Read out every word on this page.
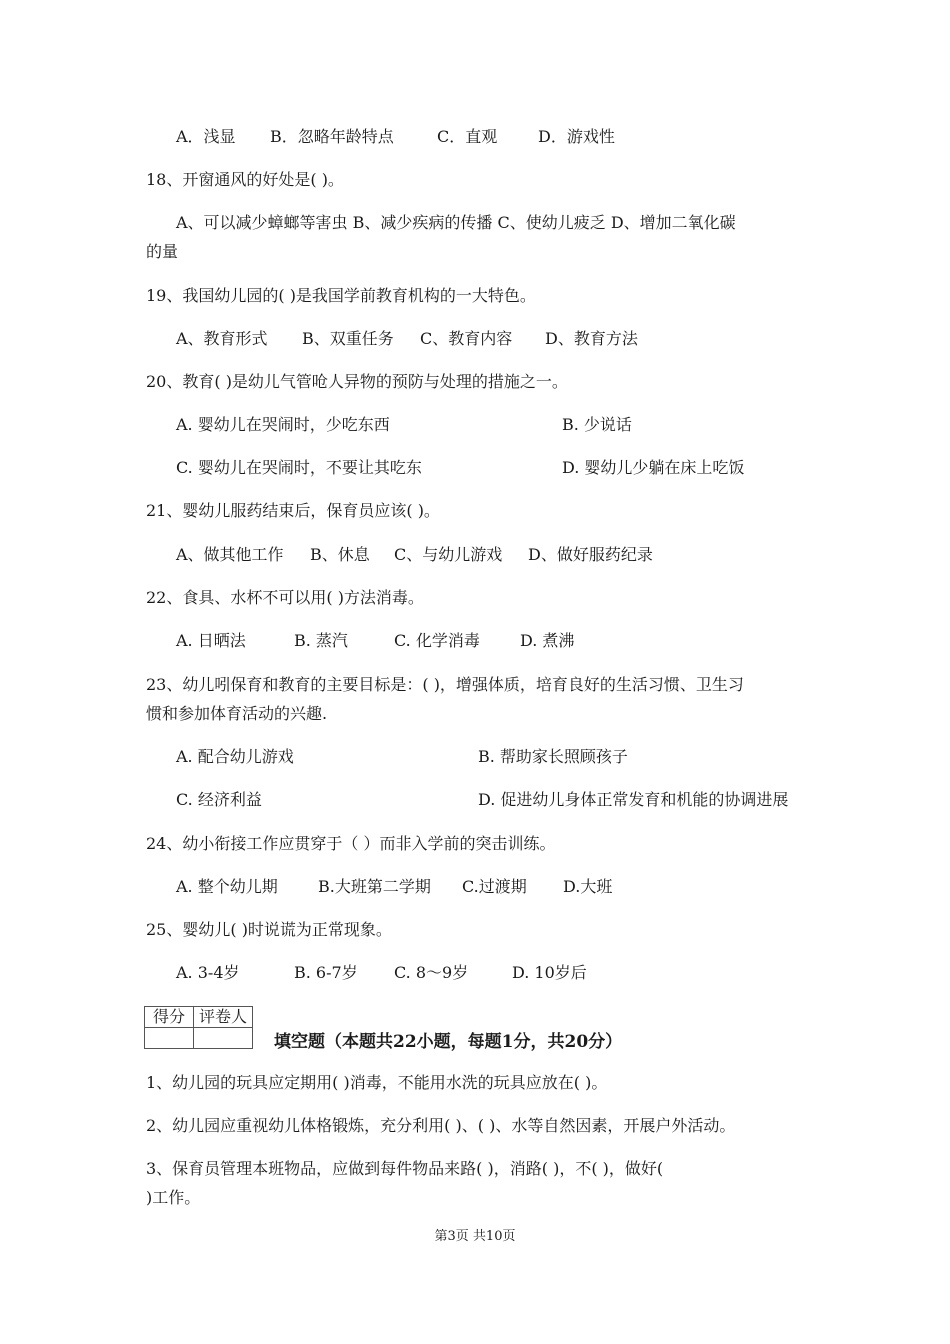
A．浅显 B．忽略年龄特点	C．直观	D．游戏性
18、开窗通风的好处是( )。
A、可以减少蟑螂等害虫 B、减少疾病的传播 C、使幼儿疲乏 D、增加二氧化碳
的量
19、我国幼儿园的( )是我国学前教育机构的一大特色。
A、教育形式 B、双重任务 C、教育内容 D、教育方法
20、教育( )是幼儿气管呛人异物的预防与处理的措施之一。
A. 婴幼儿在哭闹时，少吃东西	B. 少说话
C. 婴幼儿在哭闹时，不要让其吃东	D. 婴幼儿少躺在床上吃饭
21、婴幼儿服药结束后，保育员应该( )。
A、做其他工作 B、休息 C、与幼儿游戏 D、做好服药纪录
22、食具、水杯不可以用( )方法消毒。
A. 日晒法	B. 蒸汽	C. 化学消毒	D. 煮沸
23、幼儿吲保育和教育的主要目标是：( )，增强体质，培育良好的生活习惯、卫生习
惯和参加体育活动的兴趣.
A. 配合幼儿游戏	B. 帮助家长照顾孩子
C. 经济利益	D. 促进幼儿身体正常发育和机能的协调进展
24、幼小衔接工作应贯穿于（ ）而非入学前的突击训练。
A. 整个幼儿期	B.大班第二学期 C.过渡期 D.大班
25、婴幼儿( )时说谎为正常现象。
A. 3-4岁	B. 6-7岁 C. 8～9岁	D. 10岁后
得分	评卷人

填空题（本题共22小题，每题1分，共20分）
1、幼儿园的玩具应定期用( )消毒，不能用水洗的玩具应放在( )。
2、幼儿园应重视幼儿体格锻炼，充分利用( )、( )、水等自然因素，开展户外活动。
3、保育员管理本班物品，应做到每件物品来路( )，消路( )，不( )，做好(
)工作。
第3页 共10页
